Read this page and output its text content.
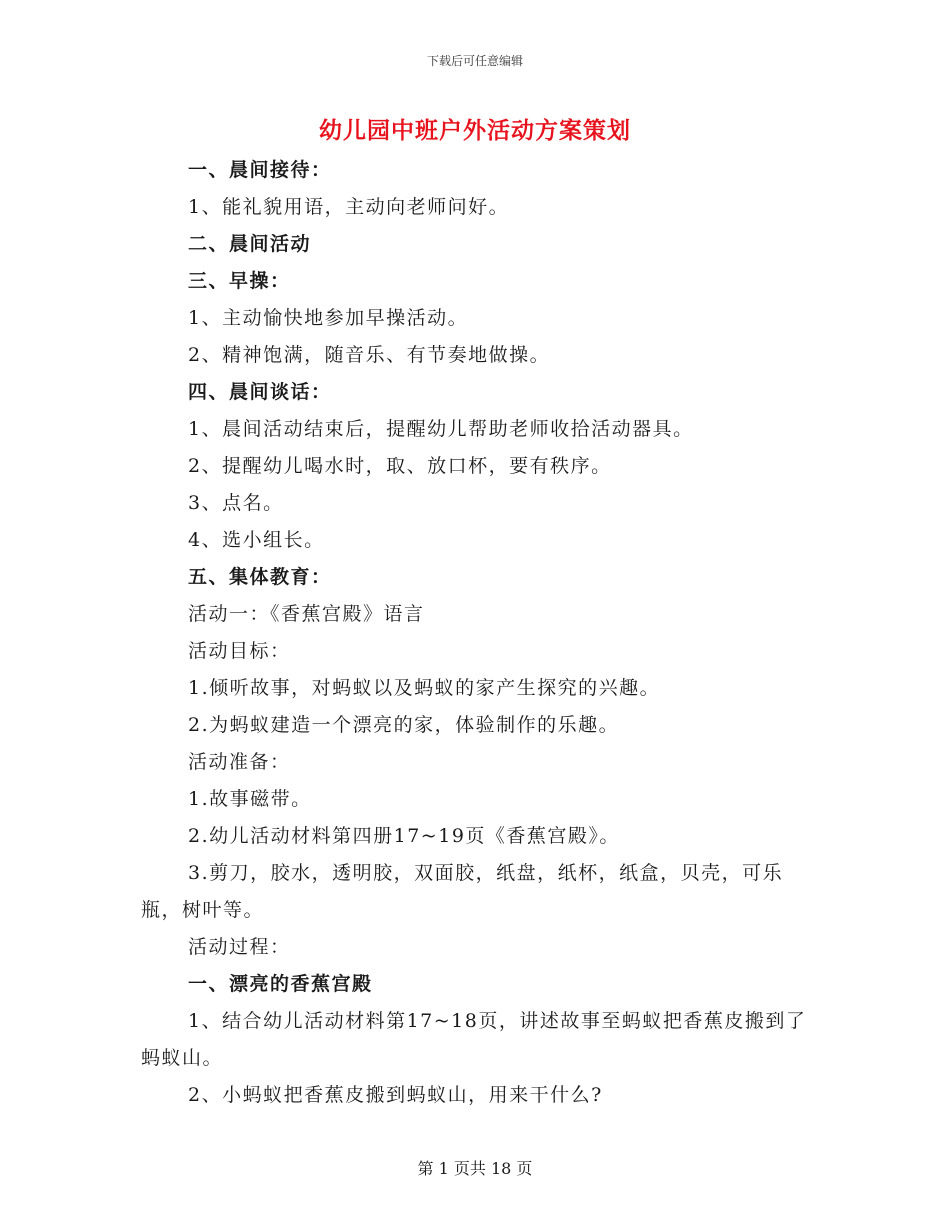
下载后可任意编辑
幼儿园中班户外活动方案策划
一、晨间接待：
1、能礼貌用语，主动向老师问好。
二、晨间活动
三、早操：
1、主动愉快地参加早操活动。
2、精神饱满，随音乐、有节奏地做操。
四、晨间谈话：
1、晨间活动结束后，提醒幼儿帮助老师收拾活动器具。
2、提醒幼儿喝水时，取、放口杯，要有秩序。
3、点名。
4、选小组长。
五、集体教育：
活动一：《香蕉宫殿》语言
活动目标：
1.倾听故事，对蚂蚁以及蚂蚁的家产生探究的兴趣。
2.为蚂蚁建造一个漂亮的家，体验制作的乐趣。
活动准备：
1.故事磁带。
2.幼儿活动材料第四册17~19页《香蕉宫殿》。
3.剪刀，胶水，透明胶，双面胶，纸盘，纸杯，纸盒，贝壳，可乐瓶，树叶等。
活动过程：
一、漂亮的香蕉宫殿
1、结合幼儿活动材料第17~18页，讲述故事至蚂蚁把香蕉皮搬到了蚂蚁山。
2、小蚂蚁把香蕉皮搬到蚂蚁山，用来干什么?
第 1 页共 18 页
